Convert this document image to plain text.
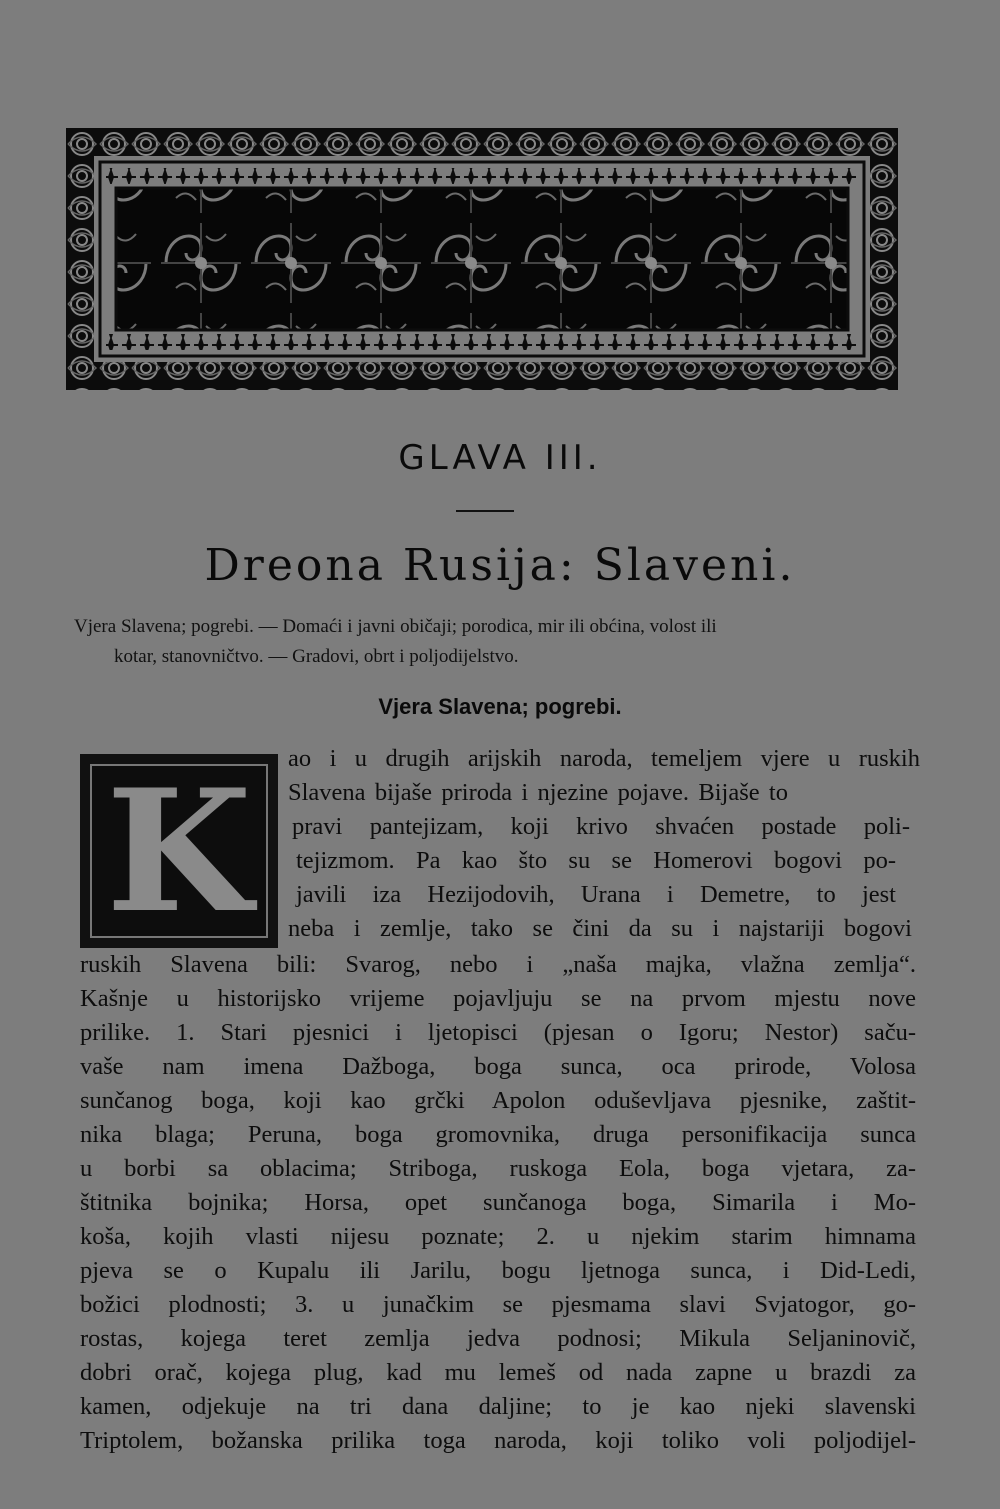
GLAVA III.
Dreona Rusija: Slaveni.

Vjera Slavena; pogrebi. — Domaći i javni običaji; porodica, mir ili obćina, volost ili

kotar, stanovničtvo. — Gradovi, obrt i poljodijelstvo.

Vjera Slavena; pogrebi.
K ao i u drugih arijskih naroda, temeljem vjere u ruskih
Slavena bijaše priroda i njezine pojave. Bijaše to
pravi pantejizam, koji krivo shvaćen postade poli-
tejizmom. Pa kao što su se Homerovi bogovi po-
javili iza Hezijodovih, Urana i Demetre, to jest
neba i zemlje, tako se čini da su i najstariji bogovi
ruskih Slavena bili: Svarog, nebo i „naša majka, vlažna zemlja“.
Kašnje u historijsko vrijeme pojavljuju se na prvom mjestu nove
prilike. 1. Stari pjesnici i ljetopisci (pjesan o Igoru; Nestor) saču-
vaše nam imena Dažboga, boga sunca, oca prirode, Volosa
sunčanog boga, koji kao grčki Apolon oduševljava pjesnike, zaštit-
nika blaga; Peruna, boga gromovnika, druga personifikacija sunca
u borbi sa oblacima; Striboga, ruskoga Eola, boga vjetara, za-
štitnika bojnika; Horsa, opet sunčanoga boga, Simarila i Mo-
koša, kojih vlasti nijesu poznate; 2. u njekim starim himnama
pjeva se o Kupalu ili Jarilu, bogu ljetnoga sunca, i Did-Ledi,
božici plodnosti; 3. u junačkim se pjesmama slavi Svjatogor, go-
rostas, kojega teret zemlja jedva podnosi; Mikula Seljaninovič,
dobri orač, kojega plug, kad mu lemeš od nada zapne u brazdi za
kamen, odjekuje na tri dana daljine; to je kao njeki slavenski
Triptolem, božanska prilika toga naroda, koji toliko voli poljodijel-
